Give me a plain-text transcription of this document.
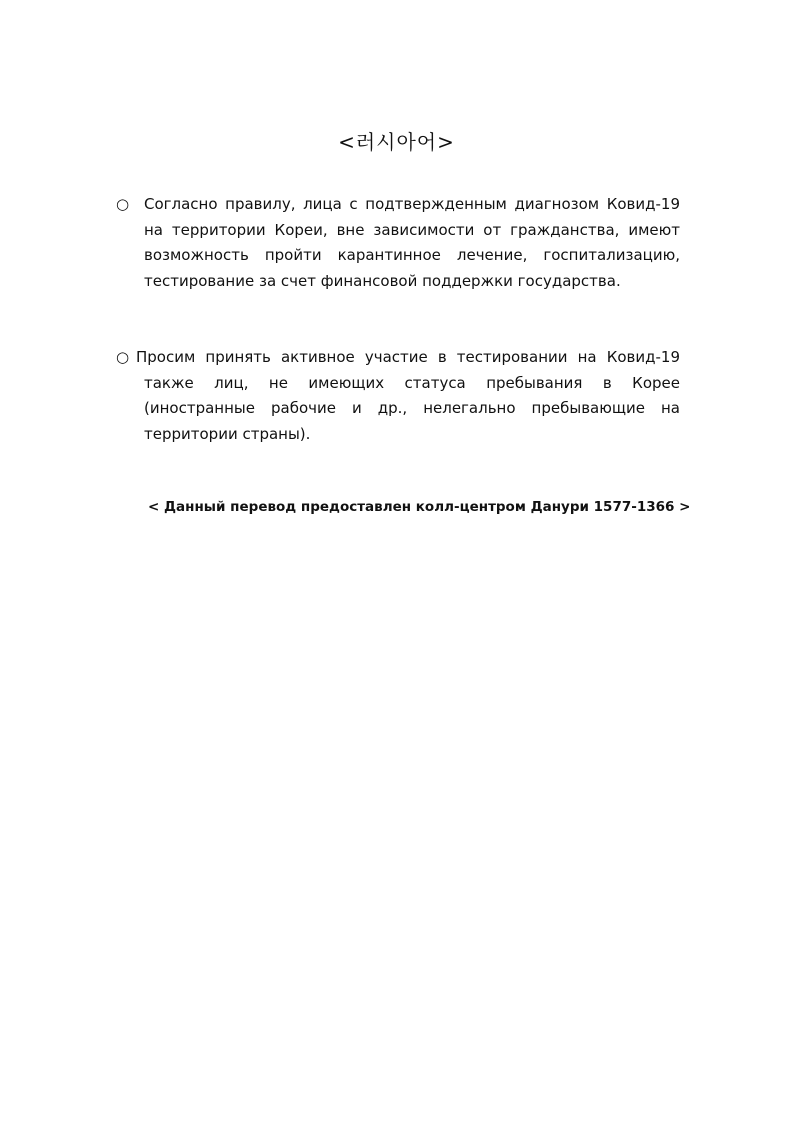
<러시아어>
○ Согласно правилу, лица с подтвержденным диагнозом Ковид-19 на территории Кореи, вне зависимости от гражданства, имеют возможность пройти карантинное лечение, госпитализацию, тестирование за счет финансовой поддержки государства.

○ Просим принять активное участие в тестировании на Ковид-19 также лиц, не имеющих статуса пребывания в Корее (иностранные рабочие и др., нелегально пребывающие на территории страны).

< Данный перевод предоставлен колл-центром Данури 1577-1366 >
